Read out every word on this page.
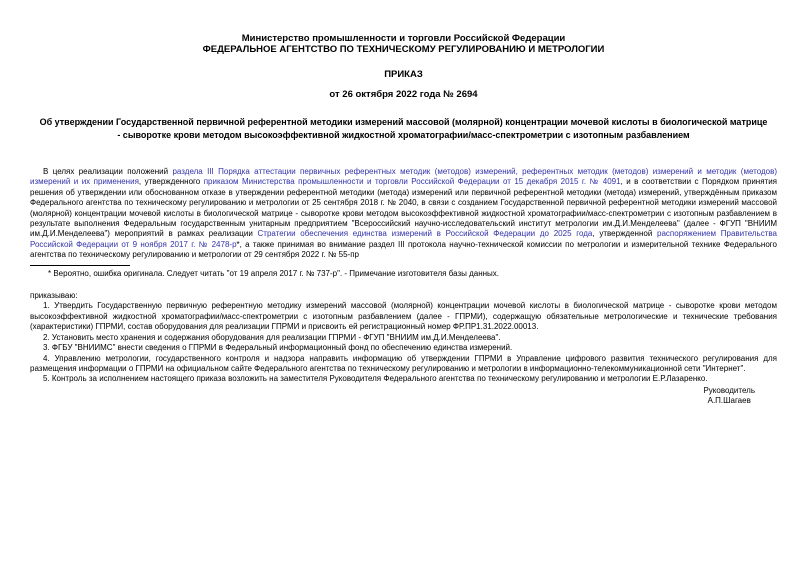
Министерство промышленности и торговли Российской Федерации
ФЕДЕРАЛЬНОЕ АГЕНТСТВО ПО ТЕХНИЧЕСКОМУ РЕГУЛИРОВАНИЮ И МЕТРОЛОГИИ
ПРИКАЗ
от 26 октября 2022 года № 2694
Об утверждении Государственной первичной референтной методики измерений массовой (молярной) концентрации мочевой кислоты в биологической матрице - сыворотке крови методом высокоэффективной жидкостной хроматографии/масс-спектрометрии с изотопным разбавлением

В целях реализации положений раздела III Порядка аттестации первичных референтных методик (методов) измерений, референтных методик (методов) измерений и методик (методов) измерений и их применения, утвержденного приказом Министерства промышленности и торговли Российской Федерации от 15 декабря 2015 г. № 4091, и в соответствии с Порядком принятия решения об утверждении или обоснованном отказе в утверждении референтной методики (метода) измерений или первичной референтной методики (метода) измерений, утверждённым приказом Федерального агентства по техническому регулированию и метрологии от 25 сентября 2018 г. № 2040, в связи с созданием Государственной первичной референтной методики измерений массовой (молярной) концентрации мочевой кислоты в биологической матрице - сыворотке крови методом высокоэффективной жидкостной хроматографии/масс-спектрометрии с изотопным разбавлением в результате выполнения Федеральным государственным унитарным предприятием "Всероссийский научно-исследовательский институт метрологии им.Д.И.Менделеева" (далее - ФГУП "ВНИИМ им.Д.И.Менделеева") мероприятий в рамках реализации Стратегии обеспечения единства измерений в Российской Федерации до 2025 года, утвержденной распоряжением Правительства Российской Федерации от 9 ноября 2017 г. № 2478-р*, а также принимая во внимание раздел III протокола научно-технической комиссии по метрологии и измерительной технике Федерального агентства по техническому регулированию и метрологии от 29 сентября 2022 г. № 55-пр

* Вероятно, ошибка оригинала. Следует читать "от 19 апреля 2017 г. № 737-р". - Примечание изготовителя базы данных.
приказываю:
1. Утвердить Государственную первичную референтную методику измерений массовой (молярной) концентрации мочевой кислоты в биологической матрице - сыворотке крови методом высокоэффективной жидкостной хроматографии/масс-спектрометрии с изотопным разбавлением (далее - ГПРМИ), содержащую обязательные метрологические и технические требования (характеристики) ГПРМИ, состав оборудования для реализации ГПРМИ и присвоить ей регистрационный номер ФР.ПР1.31.2022.00013.
2. Установить место хранения и содержания оборудования для реализации ГПРМИ - ФГУП "ВНИИМ им.Д.И.Менделеева".
3. ФГБУ "ВНИИМС" внести сведения о ГПРМИ в Федеральный информационный фонд по обеспечению единства измерений.
4. Управлению метрологии, государственного контроля и надзора направить информацию об утверждении ГПРМИ в Управление цифрового развития технического регулирования для размещения информации о ГПРМИ на официальном сайте Федерального агентства по техническому регулированию и метрологии в информационно-телекоммуникационной сети "Интернет".
5. Контроль за исполнением настоящего приказа возложить на заместителя Руководителя Федерального агентства по техническому регулированию и метрологии Е.Р.Лазаренко.
Руководитель
А.П.Шагаев
